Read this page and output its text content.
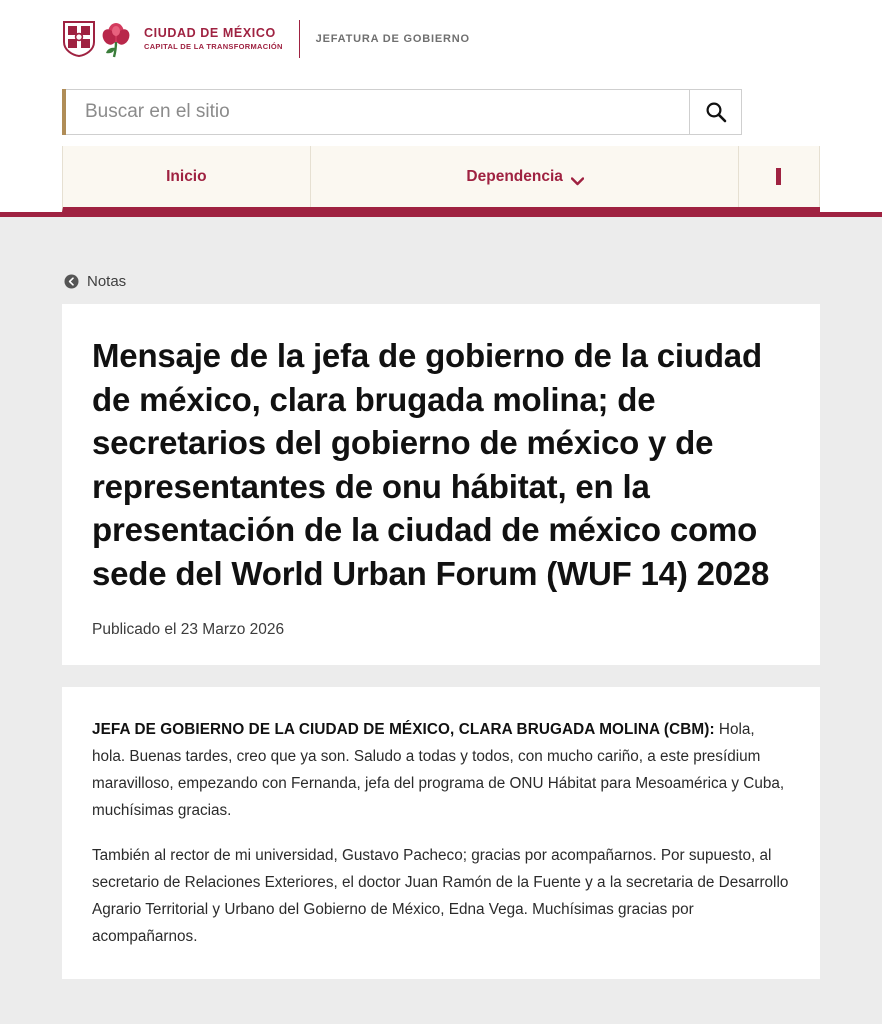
CIUDAD DE MÉXICO
CAPITAL DE LA TRANSFORMACIÓN
JEFATURA DE GOBIERNO
Buscar en el sitio
Inicio	Dependencia
Notas
Mensaje de la jefa de gobierno de la ciudad de méxico, clara brugada molina; de secretarios del gobierno de méxico y de representantes de onu hábitat, en la presentación de la ciudad de méxico como sede del World Urban Forum (WUF 14) 2028

Publicado el 23 Marzo 2026

JEFA DE GOBIERNO DE LA CIUDAD DE MÉXICO, CLARA BRUGADA MOLINA (CBM): Hola, hola. Buenas tardes, creo que ya son. Saludo a todas y todos, con mucho cariño, a este presídium maravilloso, empezando con Fernanda, jefa del programa de ONU Hábitat para Mesoamérica y Cuba, muchísimas gracias.

También al rector de mi universidad, Gustavo Pacheco; gracias por acompañarnos. Por supuesto, al secretario de Relaciones Exteriores, el doctor Juan Ramón de la Fuente y a la secretaria de Desarrollo Agrario Territorial y Urbano del Gobierno de México, Edna Vega. Muchísimas gracias por acompañarnos.
